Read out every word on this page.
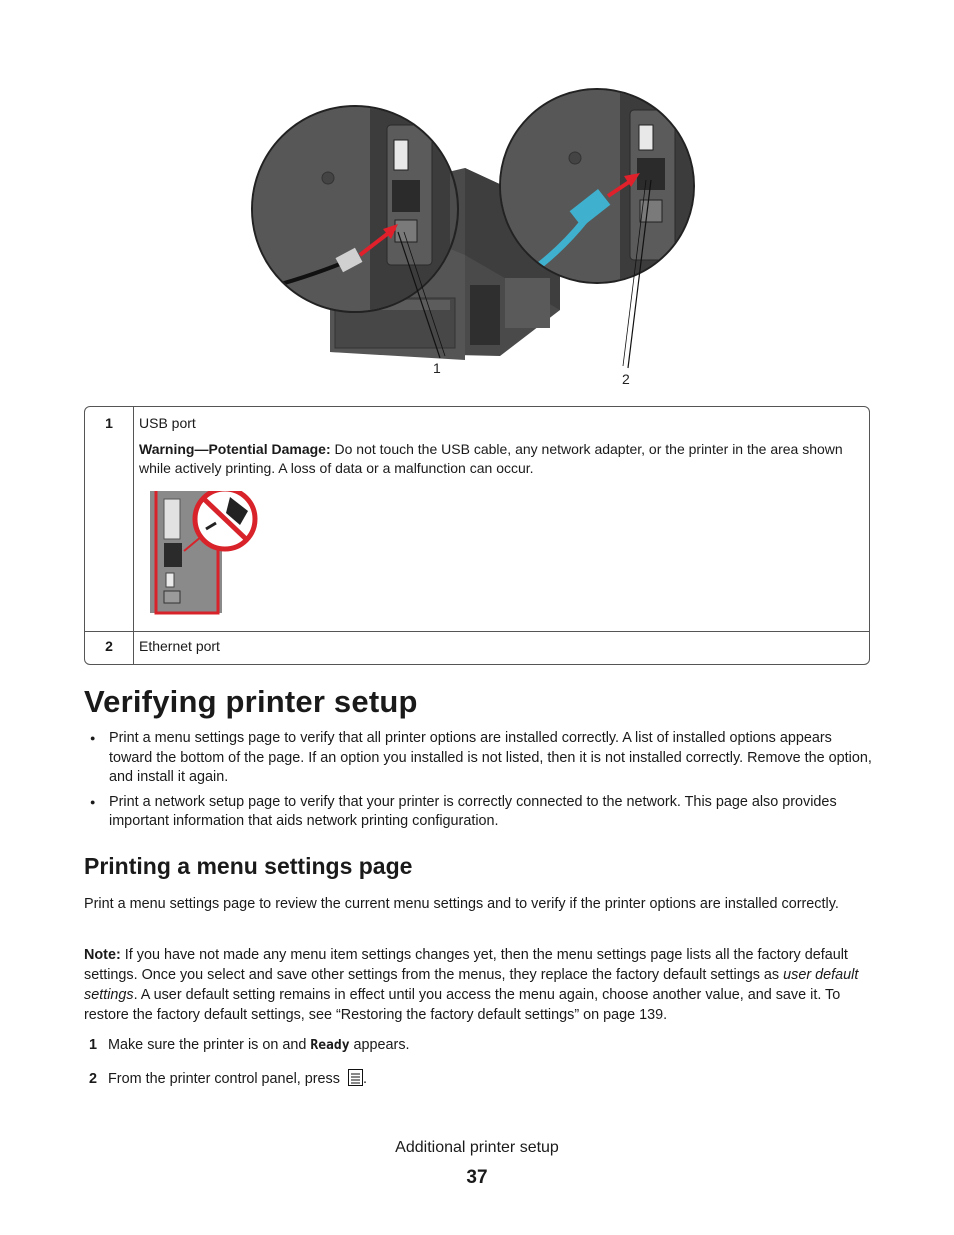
1
2
1	USB port
Warning—Potential Damage: Do not touch the USB cable, any network adapter, or the printer in the area shown while actively printing. A loss of data or a malfunction can occur.

2	Ethernet port
Verifying printer setup
● Print a menu settings page to verify that all printer options are installed correctly. A list of installed options appears toward the bottom of the page. If an option you installed is not listed, then it is not installed correctly. Remove the option, and install it again.
● Print a network setup page to verify that your printer is correctly connected to the network. This page also provides important information that aids network printing configuration.
Printing a menu settings page

Print a menu settings page to review the current menu settings and to verify if the printer options are installed correctly.

Note: If you have not made any menu item settings changes yet, then the menu settings page lists all the factory default settings. Once you select and save other settings from the menus, they replace the factory default settings as user default settings. A user default setting remains in effect until you access the menu again, choose another value, and save it. To restore the factory default settings, see “Restoring the factory default settings” on page 139.

1 Make sure the printer is on and Ready appears.
2 From the printer control panel, press .
Additional printer setup
37
